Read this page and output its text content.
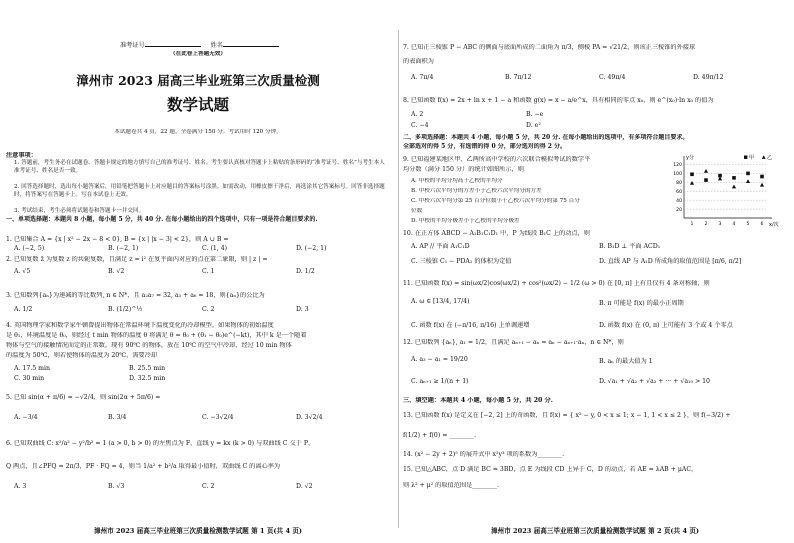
准考证号	姓名
（在此卷上答题无效）
漳州市 2023 届高三毕业班第三次质量检测
数学试题
本试题卷共 4 页，22 题。全卷满分 150 分。考试用时 120 分钟。
注意事项：
1. 答题前，考生务必在试题卷、答题卡规定的地方填写自己的准考证号、姓名。考生要认真核对答题卡上粘贴的条形码的“准考证号、姓名”与考生本人准考证号、姓名是否一致。
2. 回答选择题时，选出每小题答案后，用铅笔把答题卡上对应题目的答案标号涂黑。如需改动，用橡皮擦干净后，再选涂其它答案标号。回答非选择题时，将答案写在答题卡上。写在本试卷上无效。
3. 考试结束，考生必须将试题卷和答题卡一并交回。
一、单项选择题：本题共 8 小题，每小题 5 分，共 40 分. 在每小题给出的四个选项中，只有一项是符合题目要求的.
1. 已知集合 A = {x | x² − 2x − 8 < 0}, B = {x | |x − 3| < 2}，则 A ∪ B =
A. (−2, 5)	B. (−2, 1)	C. (1, 4)	D. (−2, 1)
2. 已知复数 z̄ 为复数 z 的共轭复数，且满足 z = i² 在复平面内对应的点在第二象限，则 | z | =
A. √5	B. √2	C. 1	D. 1/2
3. 已知数列{aₙ}为递减的等比数列, n ∈ N*，且 a₂a₇ = 32, a₃ + a₆ = 18，则{aₙ}的公比为
A. 1/2	B. (1/2)^½	C. 2	D. 3
4. 英国物理学家和数学家牛顿曾提出物体在常温环境下温度变化的冷却模型。如果物体的初始温度
是 θ₁，环境温度是 θ₀，则经过 t min 物体的温度 θ 将满足 θ = θ₀ + (θ₁ − θ₀)e^(−kt)，其中 k 是一个随着
物体与空气的接触情况而定的正常数。现有 90℃ 的物体，放在 10℃ 的空气中冷却，经过 10 min 物体
的温度为 50℃，则若使物体的温度为 20℃，需要冷却
A. 17.5 min	B. 25.5 min
C. 30 min	D. 32.5 min
5. 已知 sin(α + π/6) = −√2/4，则 sin(2α + 5π/6) =
A. −3/4	B. 3/4	C. −3√2/4	D. 3√2/4
6. 已知双曲线 C: x²/a² − y²/b² = 1 (a > 0, b > 0) 的左焦点为 F，直线 y = kx (k > 0) 与双曲线 C 交于 P，
Q 两点，且∠PFQ = 2π/3，PF · FQ = 4，则当 1/a² + b²/a 取得最小值时，双曲线 C 的离心率为
A. 3	B. √3	C. 2	D. √2
漳州市 2023 届高三毕业班第三次质量检测数学试题 第 1 页(共 4 页)
7. 已知正三棱锥 P − ABC 的侧面与底面所成的二面角为 π/3，侧棱 PA = √21/2，则该正三棱锥的外接球
的表面积为
A. 7π/4	B. 7π/12	C. 49π/4	D. 49π/12
8. 已知函数 f(x) = 2x + ln x + 1 − a 和函数 g(x) = x − a/e^x，具有相同的零点 x₀，则 e^(x₀)·ln x₀ 的值为
A. 2	B. −e
C. −4	D. e²
二、多项选择题：本题共 4 小题，每小题 5 分，共 20 分. 在每小题给出的选项中，有多项符合题目要求。
全部选对的得 5 分，有选错的得 0 分，部分选对的得 2 分。
9. 已知福建某地区甲、乙两所高中学校的六次联合模拟考试的数学平
均分数（满分 150 分）的统计如图所示，则
A. 甲校的平均分均高于乙校的平均分
B. 甲校六次平均分的方差小于乙校六次平均分的方差
C. 甲校六次平均分第 25 百分位数小于乙校六次平均分的第 75 百分
位数
D. 甲校的平均分极差小于乙校的平均分极差
y分
x/次
120
100
80
60
40
20
1 2 3 4 5 6
甲	乙
10. 在正方体 ABCD − A₁B₁C₁D₁ 中，P 为线段 B₁C 上的动点，则
A. AP // 平面 A₁C₁D	B. B₁D ⊥ 平面 ACD₁
C. 三棱锥 C₁ − PDA₁ 的体积为定值	D. 直线 AP 与 A₁D 所成角的取值范围是 [π/6, π/2]
11. 已知函数 f(x) = sin(ωx/2)cos(ωx/2) + cos²(ωx/2) − 1/2 (ω > 0) 在 [0, π] 上有且仅有 4 条对称轴，则
A. ω ∈ [13/4, 17/4)	B. π 可能是 f(x) 的最小正周期
C. 函数 f(x) 在 (−π/16, π/16) 上单调递增	D. 函数 f(x) 在 (0, π) 上可能有 3 个或 4 个零点
12. 已知数列 {aₙ}, a₁ = 1/2，且满足 aₙ₊₁ − aₙ = aₙ − aₙ₊₁·aₙ，n ∈ N*，则
A. a₃ − a₁ = 19/20	B. aₙ 的最大值为 1
C. aₙ₊₁ ≥ 1/(n + 1)	D. √a₁ + √a₂ + √a₃ + ··· + √a₁₀ > 10
三、填空题：本题共 4 小题，每小题 5 分，共 20 分.
13. 已知函数 f(x) 是定义在 [−2, 2] 上的奇函数，且 f(x) = { x² − y, 0 < x ≤ 1; x − 1, 1 < x ≤ 2 }，则 f(−3/2) +
f(1/2) + f(0) = ________.
14. (x² − 2y + 2)⁵ 的展开式中 x²y³ 项的系数为________.
15. 已知△ABC，点 D 满足 BC = 3BD，点 E 为线段 CD 上异于 C，D 的动点，若 AE = λAB + μAC，
则 λ² + μ² 的取值范围是________.
漳州市 2023 届高三毕业班第三次质量检测数学试题 第 2 页(共 4 页)
